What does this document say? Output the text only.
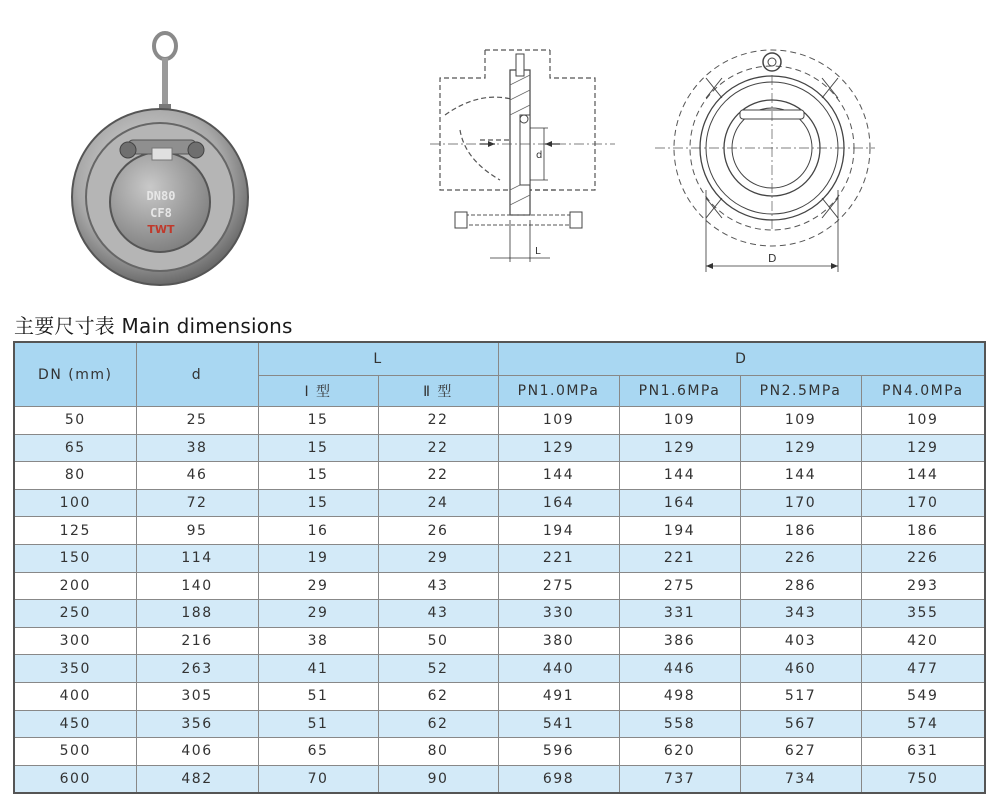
DN80
CF8
TWT
d
L
D
主要尺寸表 Main dimensions
DN (mm)	d	L		D			
		Ⅰ 型	Ⅱ 型	PN1.0MPa	PN1.6MPa	PN2.5MPa	PN4.0MPa
50	25	15	22	109	109	109	109
65	38	15	22	129	129	129	129
80	46	15	22	144	144	144	144
100	72	15	24	164	164	170	170
125	95	16	26	194	194	186	186
150	114	19	29	221	221	226	226
200	140	29	43	275	275	286	293
250	188	29	43	330	331	343	355
300	216	38	50	380	386	403	420
350	263	41	52	440	446	460	477
400	305	51	62	491	498	517	549
450	356	51	62	541	558	567	574
500	406	65	80	596	620	627	631
600	482	70	90	698	737	734	750
